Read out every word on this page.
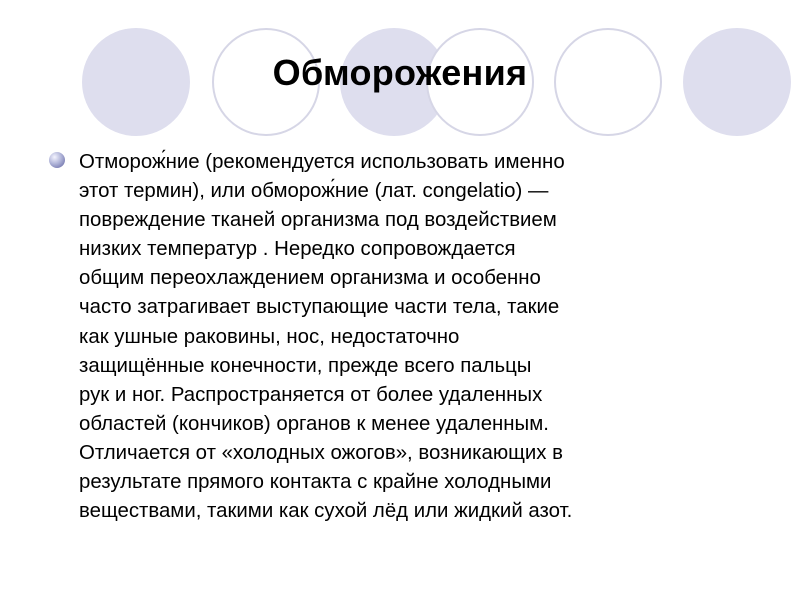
Обморожения

Отморож́ние (рекомендуется использовать именно
этот термин), или обморож́ние (лат. congelatio) —
повреждение тканей организма под воздействием
низких температур . Нередко сопровождается
общим переохлаждением организма и особенно
часто затрагивает выступающие части тела, такие
как ушные раковины, нос, недостаточно
защищённые конечности, прежде всего пальцы
рук и ног. Распространяется от более удаленных
областей (кончиков) органов к менее удаленным.
Отличается от «холодных ожогов», возникающих в
результате прямого контакта с крайне холодными
веществами, такими как сухой лёд или жидкий азот.
